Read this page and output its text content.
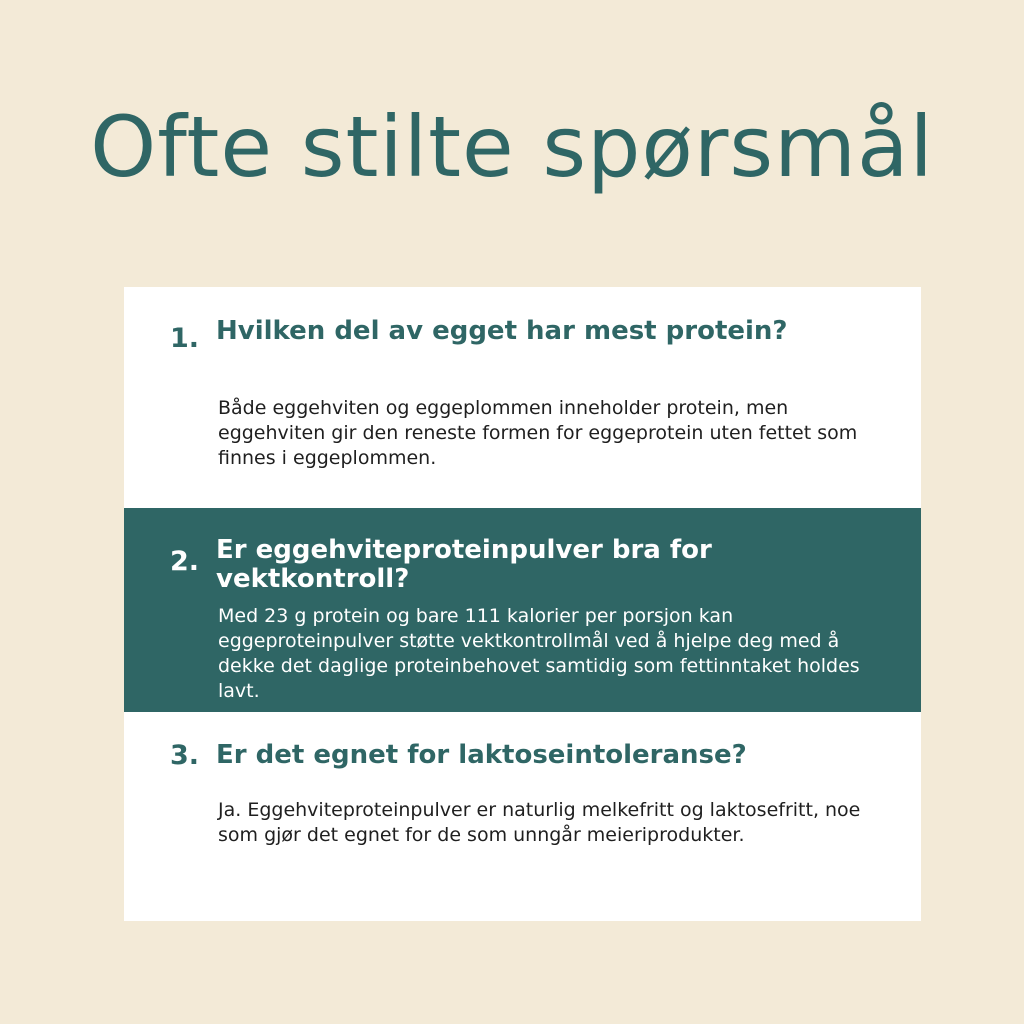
Ofte stilte spørsmål
1. Hvilken del av egget har mest protein?

Både eggehviten og eggeplommen inneholder protein, men eggehviten gir den reneste formen for eggeprotein uten fettet som finnes i eggeplommen.

2. Er eggehviteproteinpulver bra for vektkontroll?

Med 23 g protein og bare 111 kalorier per porsjon kan eggeproteinpulver støtte vektkontrollmål ved å hjelpe deg med å dekke det daglige proteinbehovet samtidig som fettinntaket holdes lavt.

3. Er det egnet for laktoseintoleranse?

Ja. Eggehviteproteinpulver er naturlig melkefritt og laktosefritt, noe som gjør det egnet for de som unngår meieriprodukter.
